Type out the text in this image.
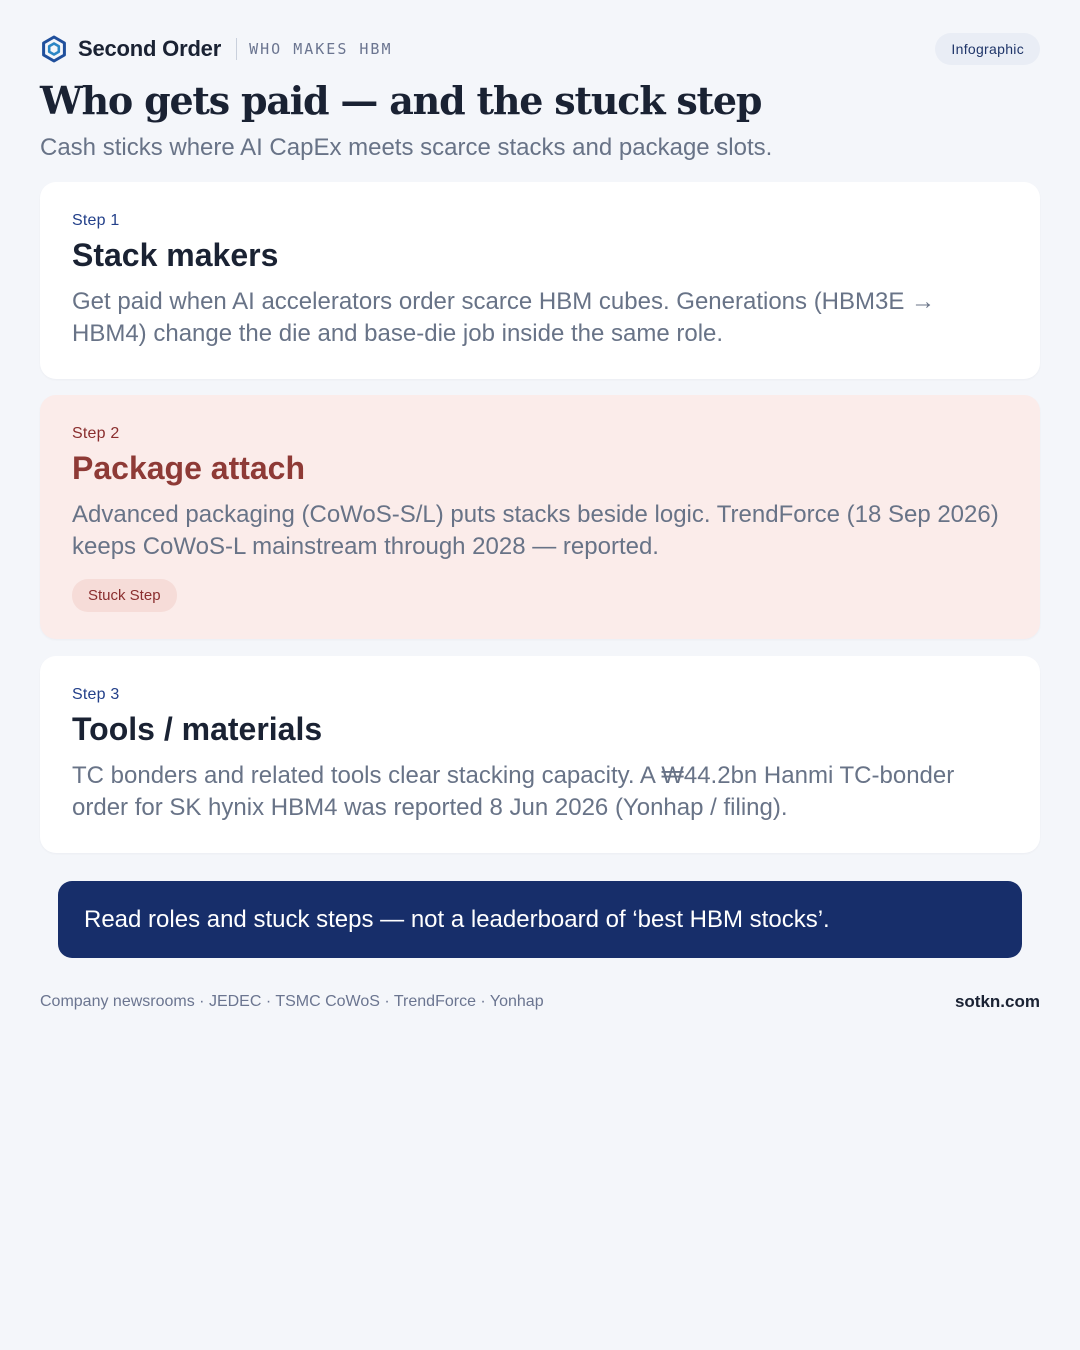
Second Order WHO MAKES HBM	Infographic
Who gets paid — and the stuck step

Cash sticks where AI CapEx meets scarce stacks and package slots.

Step 1
Stack makers
Get paid when AI accelerators order scarce HBM cubes. Generations (HBM3E → HBM4) change the die and base-die job inside the same role.
Step 2
Package attach
Advanced packaging (CoWoS-S/L) puts stacks beside logic. TrendForce (18 Sep 2026) keeps CoWoS-L mainstream through 2028 — reported.
Stuck Step
Step 3
Tools / materials
TC bonders and related tools clear stacking capacity. A ₩44.2bn Hanmi TC-bonder order for SK hynix HBM4 was reported 8 Jun 2026 (Yonhap / filing).
Read roles and stuck steps — not a leaderboard of ‘best HBM stocks’.
Company newsrooms · JEDEC · TSMC CoWoS · TrendForce · Yonhap	sotkn.com
